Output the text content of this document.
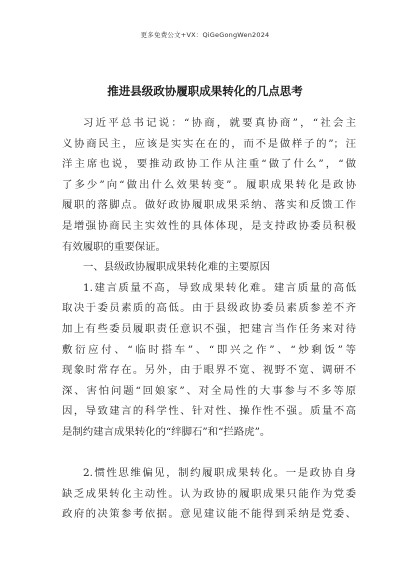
更多免费公文+VX：QiGeGongWen2024
推进县级政协履职成果转化的几点思考
习近平总书记说：“协商，就要真协商”，“社会主
义协商民主，应该是实实在在的，而不是做样子的”；汪
洋主席也说，要推动政协工作从注重“做了什么”，“做
了多少”向“做出什么效果转变”。履职成果转化是政协
履职的落脚点。做好政协履职成果采纳、落实和反馈工作
是增强协商民主实效性的具体体现，是支持政协委员积极
有效履职的重要保证。
一、县级政协履职成果转化难的主要原因
1.建言质量不高，导致成果转化难。建言质量的高低
取决于委员素质的高低。由于县级政协委员素质参差不齐
加上有些委员履职责任意识不强，把建言当作任务来对待
敷衍应付、“临时搭车”、“即兴之作”、“炒剩饭”等
现象时常存在。另外，由于眼界不宽、视野不宽、调研不
深、害怕问题“回娘家”、对全局性的大事参与不多等原
因，导致建言的科学性、针对性、操作性不强。质量不高
是制约建言成果转化的“绊脚石”和“拦路虎”。
2.惯性思维偏见，制约履职成果转化。一是政协自身
缺乏成果转化主动性。认为政协的履职成果只能作为党委
政府的决策参考依据。意见建议能不能得到采纳是党委、
